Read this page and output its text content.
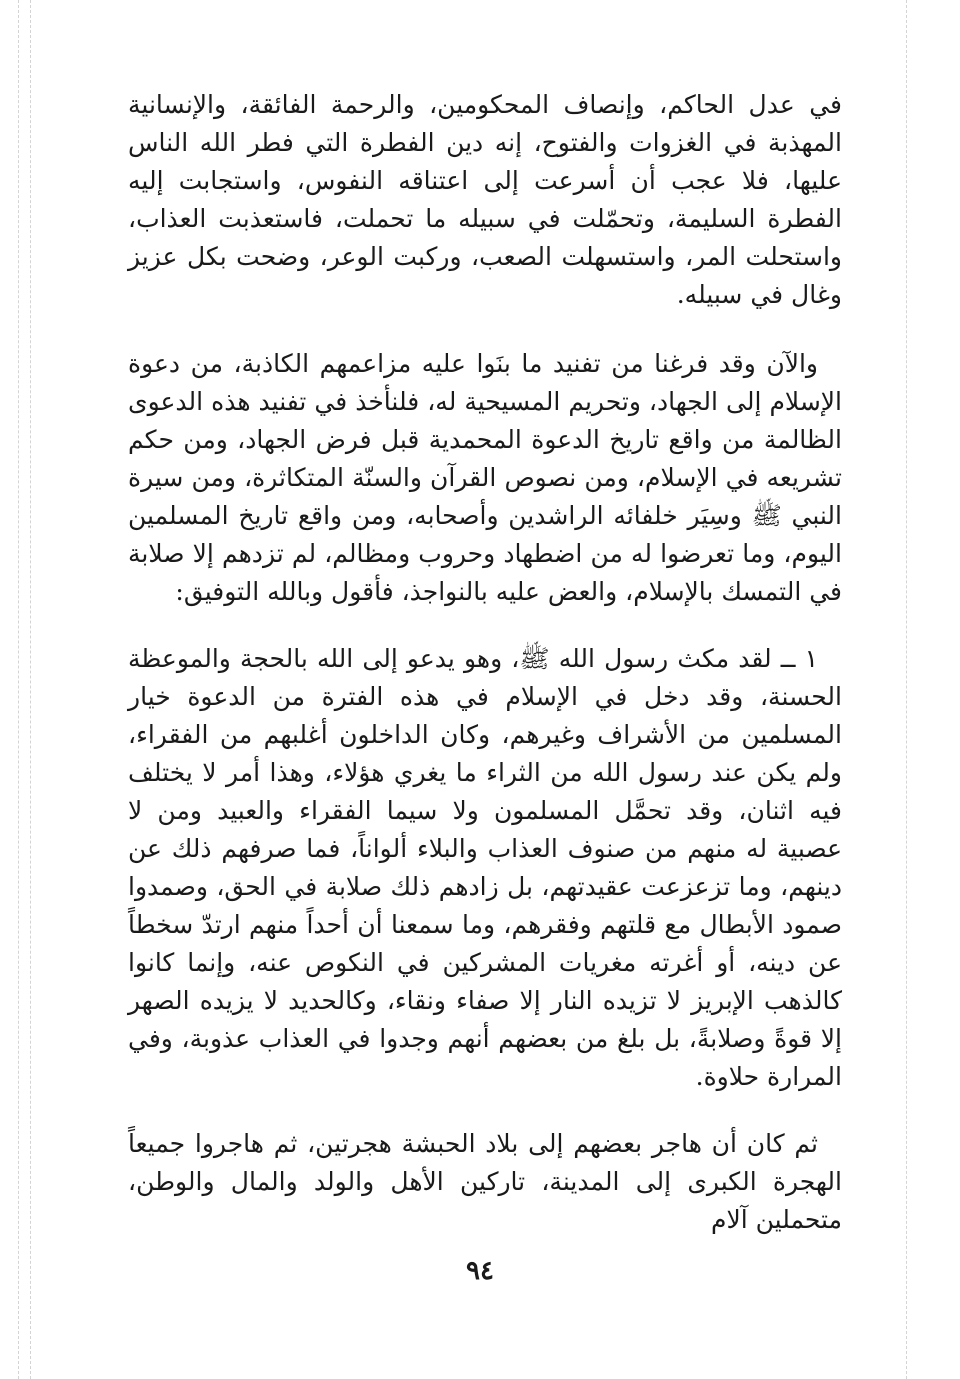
في عدل الحاكم، وإنصاف المحكومين، والرحمة الفائقة، والإنسانية المهذبة في الغزوات والفتوح، إنه دين الفطرة التي فطر الله الناس عليها، فلا عجب أن أسرعت إلى اعتناقه النفوس، واستجابت إليه الفطرة السليمة، وتحمّلت في سبيله ما تحملت، فاستعذبت العذاب، واستحلت المر، واستسهلت الصعب، وركبت الوعر، وضحت بكل عزيز وغال في سبيله.

والآن وقد فرغنا من تفنيد ما بنَوا عليه مزاعمهم الكاذبة، من دعوة الإسلام إلى الجهاد، وتحريم المسيحية له، فلنأخذ في تفنيد هذه الدعوى الظالمة من واقع تاريخ الدعوة المحمدية قبل فرض الجهاد، ومن حكم تشريعه في الإسلام، ومن نصوص القرآن والسنّة المتكاثرة، ومن سيرة النبي ﷺ وسِيَر خلفائه الراشدين وأصحابه، ومن واقع تاريخ المسلمين اليوم، وما تعرضوا له من اضطهاد وحروب ومظالم، لم تزدهم إلا صلابة في التمسك بالإسلام، والعض عليه بالنواجذ، فأقول وبالله التوفيق:

١ ــ لقد مكث رسول الله ﷺ، وهو يدعو إلى الله بالحجة والموعظة الحسنة، وقد دخل في الإسلام في هذه الفترة من الدعوة خيار المسلمين من الأشراف وغيرهم، وكان الداخلون أغلبهم من الفقراء، ولم يكن عند رسول الله من الثراء ما يغري هؤلاء، وهذا أمر لا يختلف فيه اثنان، وقد تحمَّل المسلمون ولا سيما الفقراء والعبيد ومن لا عصبية له منهم من صنوف العذاب والبلاء ألواناً، فما صرفهم ذلك عن دينهم، وما تزعزعت عقيدتهم، بل زادهم ذلك صلابة في الحق، وصمدوا صمود الأبطال مع قلتهم وفقرهم، وما سمعنا أن أحداً منهم ارتدّ سخطاً عن دينه، أو أغرته مغريات المشركين في النكوص عنه، وإنما كانوا كالذهب الإبريز لا تزيده النار إلا صفاء ونقاء، وكالحديد لا يزيده الصهر إلا قوةً وصلابةً، بل بلغ من بعضهم أنهم وجدوا في العذاب عذوبة، وفي المرارة حلاوة.

ثم كان أن هاجر بعضهم إلى بلاد الحبشة هجرتين، ثم هاجروا جميعاً الهجرة الكبرى إلى المدينة، تاركين الأهل والولد والمال والوطن، متحملين آلام

٩٤
